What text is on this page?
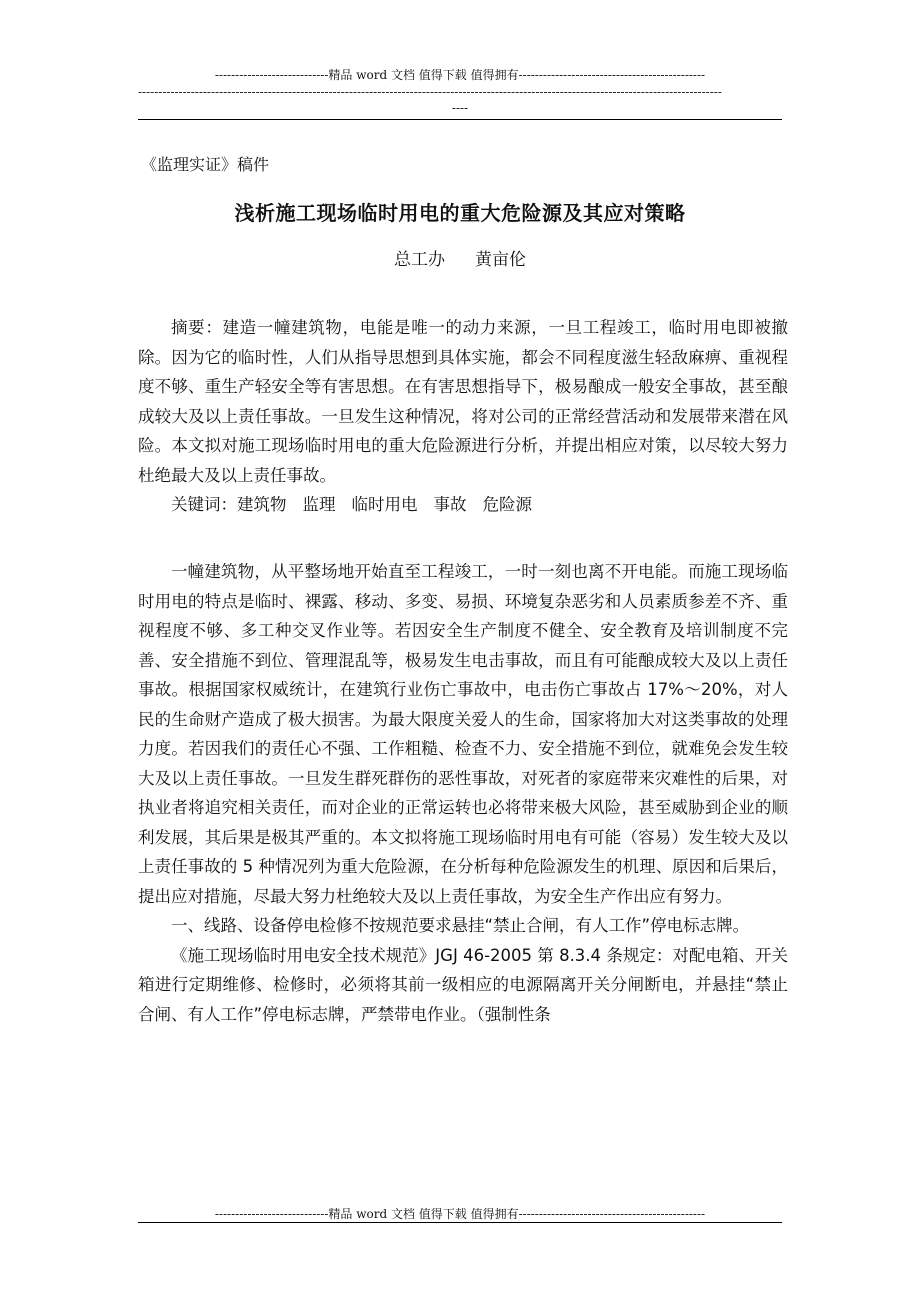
----------------------------精品 word 文档 值得下载 值得拥有----------------------------------------------
------------------------------------------------------------------------------------------------------------------------------------------------
----
《监理实证》稿件
浅析施工现场临时用电的重大危险源及其应对策略
总工办 黄亩伦

摘要：建造一幢建筑物，电能是唯一的动力来源，一旦工程竣工，临时用电即被撤除。因为它的临时性，人们从指导思想到具体实施，都会不同程度滋生轻敌麻痹、重视程度不够、重生产轻安全等有害思想。在有害思想指导下，极易酿成一般安全事故，甚至酿成较大及以上责任事故。一旦发生这种情况，将对公司的正常经营活动和发展带来潜在风险。本文拟对施工现场临时用电的重大危险源进行分析，并提出相应对策，以尽较大努力杜绝最大及以上责任事故。

关键词：建筑物 监理 临时用电 事故 危险源

一幢建筑物，从平整场地开始直至工程竣工，一时一刻也离不开电能。而施工现场临时用电的特点是临时、裸露、移动、多变、易损、环境复杂恶劣和人员素质参差不齐、重视程度不够、多工种交叉作业等。若因安全生产制度不健全、安全教育及培训制度不完善、安全措施不到位、管理混乱等，极易发生电击事故，而且有可能酿成较大及以上责任事故。根据国家权威统计，在建筑行业伤亡事故中，电击伤亡事故占 17%～20%，对人民的生命财产造成了极大损害。为最大限度关爱人的生命，国家将加大对这类事故的处理力度。若因我们的责任心不强、工作粗糙、检查不力、安全措施不到位，就难免会发生较大及以上责任事故。一旦发生群死群伤的恶性事故，对死者的家庭带来灾难性的后果，对执业者将追究相关责任，而对企业的正常运转也必将带来极大风险，甚至威胁到企业的顺利发展，其后果是极其严重的。本文拟将施工现场临时用电有可能（容易）发生较大及以上责任事故的 5 种情况列为重大危险源，在分析每种危险源发生的机理、原因和后果后，提出应对措施，尽最大努力杜绝较大及以上责任事故，为安全生产作出应有努力。

一、线路、设备停电检修不按规范要求悬挂“禁止合闸，有人工作”停电标志牌。

《施工现场临时用电安全技术规范》JGJ 46-2005 第 8.3.4 条规定：对配电箱、开关箱进行定期维修、检修时，必须将其前一级相应的电源隔离开关分闸断电，并悬挂“禁止合闸、有人工作”停电标志牌，严禁带电作业。（强制性条

----------------------------精品 word 文档 值得下载 值得拥有----------------------------------------------
